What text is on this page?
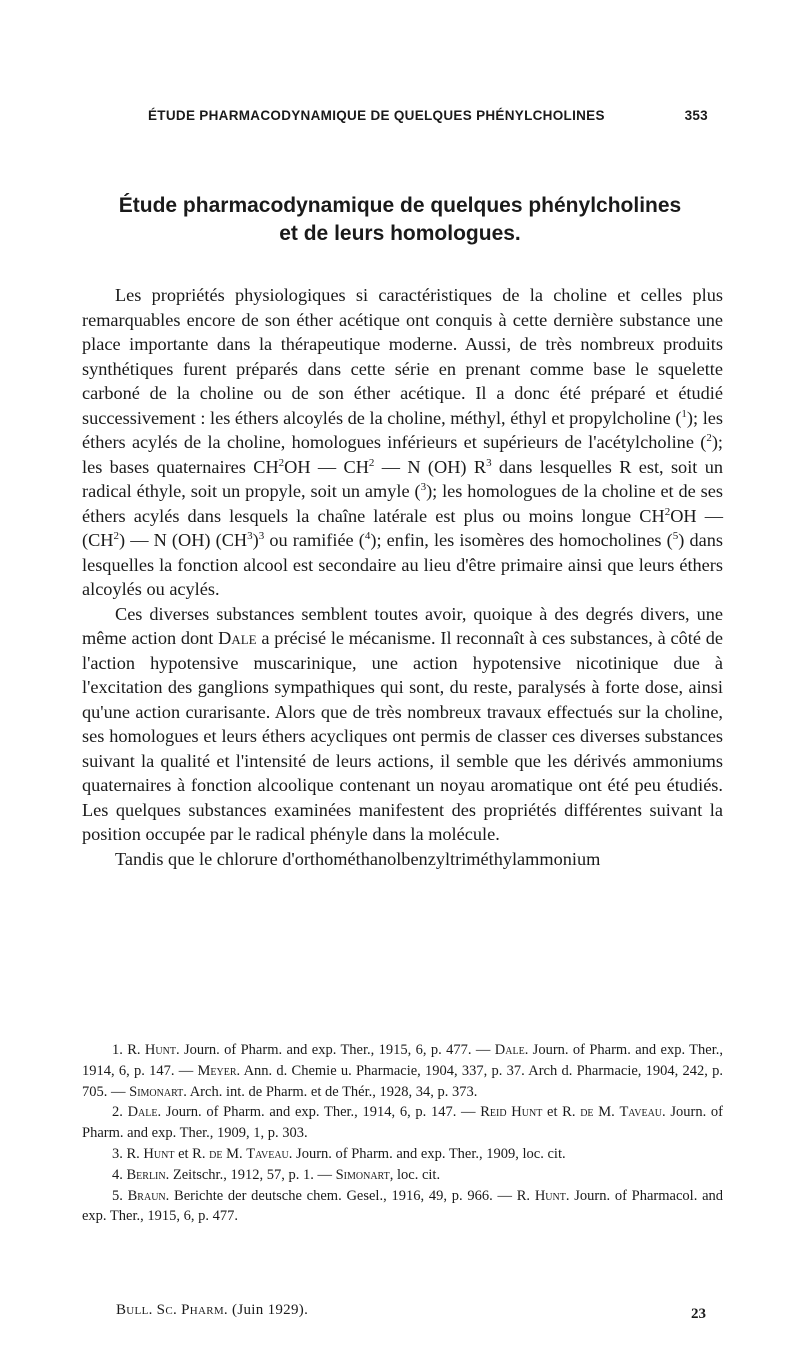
ÉTUDE PHARMACODYNAMIQUE DE QUELQUES PHÉNYLCHOLINES	353
Étude pharmacodynamique de quelques phénylcholines
et de leurs homologues.

Les propriétés physiologiques si caractéristiques de la choline et celles plus remarquables encore de son éther acétique ont conquis à cette dernière substance une place importante dans la thérapeutique moderne. Aussi, de très nombreux produits synthétiques furent préparés dans cette série en prenant comme base le squelette carboné de la choline ou de son éther acétique. Il a donc été préparé et étudié successivement : les éthers alcoylés de la choline, méthyl, éthyl et propylcholine ($^1$); les éthers acylés de la choline, homologues inférieurs et supérieurs de l'acétylcholine ($^2$); les bases quaternaires $CH^2OH$ — $CH^2$ — N (OH) $R^3$ dans lesquelles R est, soit un radical éthyle, soit un propyle, soit un amyle ($^3$); les homologues de la choline et de ses éthers acylés dans lesquels la chaîne latérale est plus ou moins longue $CH^2OH$ — $(CH^2)$ — N (OH) $(CH^3)^3$ ou ramifiée ($^4$); enfin, les isomères des homocholines ($^5$) dans lesquelles la fonction alcool est secondaire au lieu d'être primaire ainsi que leurs éthers alcoylés ou acylés.

Ces diverses substances semblent toutes avoir, quoique à des degrés divers, une même action dont Dale a précisé le mécanisme. Il reconnaît à ces substances, à côté de l'action hypotensive muscarinique, une action hypotensive nicotinique due à l'excitation des ganglions sympathiques qui sont, du reste, paralysés à forte dose, ainsi qu'une action curarisante. Alors que de très nombreux travaux effectués sur la choline, ses homologues et leurs éthers acycliques ont permis de classer ces diverses substances suivant la qualité et l'intensité de leurs actions, il semble que les dérivés ammoniums quaternaires à fonction alcoolique contenant un noyau aromatique ont été peu étudiés. Les quelques substances examinées manifestent des propriétés différentes suivant la position occupée par le radical phényle dans la molécule.

Tandis que le chlorure d'orthométhanolbenzyltriméthylammonium

1. R. Hunt. Journ. of Pharm. and exp. Ther., 1915, 6, p. 477. — Dale. Journ. of Pharm. and exp. Ther., 1914, 6, p. 147. — Meyer. Ann. d. Chemie u. Pharmacie, 1904, 337, p. 37. Arch d. Pharmacie, 1904, 242, p. 705. — Simonart. Arch. int. de Pharm. et de Thér., 1928, 34, p. 373.

2. Dale. Journ. of Pharm. and exp. Ther., 1914, 6, p. 147. — Reid Hunt et R. de M. Taveau. Journ. of Pharm. and exp. Ther., 1909, 1, p. 303.

3. R. Hunt et R. de M. Taveau. Journ. of Pharm. and exp. Ther., 1909, loc. cit.

4. Berlin. Zeitschr., 1912, 57, p. 1. — Simonart, loc. cit.

5. Braun. Berichte der deutsche chem. Gesel., 1916, 49, p. 966. — R. Hunt. Journ. of Pharmacol. and exp. Ther., 1915, 6, p. 477.

Bull. Sc. Pharm. (Juin 1929).	23
